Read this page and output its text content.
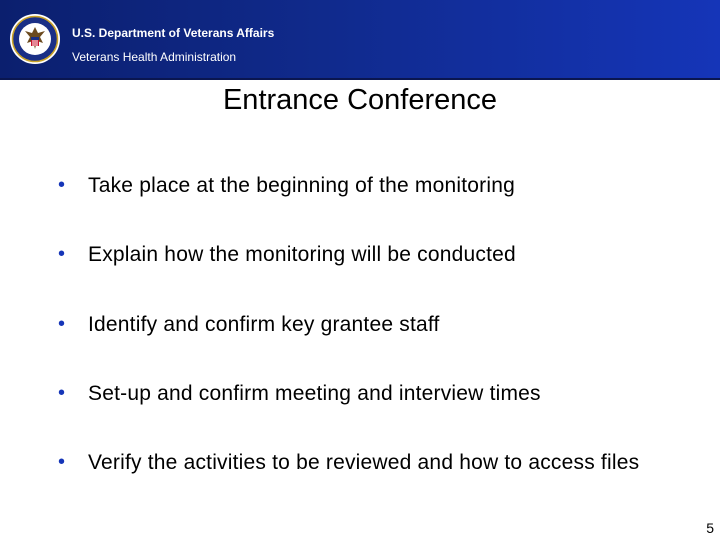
U.S. Department of Veterans Affairs
Veterans Health Administration
Entrance Conference
• Take place at the beginning of the monitoring
• Explain how the monitoring will be conducted
• Identify and confirm key grantee staff
• Set-up and confirm meeting and interview times
• Verify the activities to be reviewed and how to access files
5
